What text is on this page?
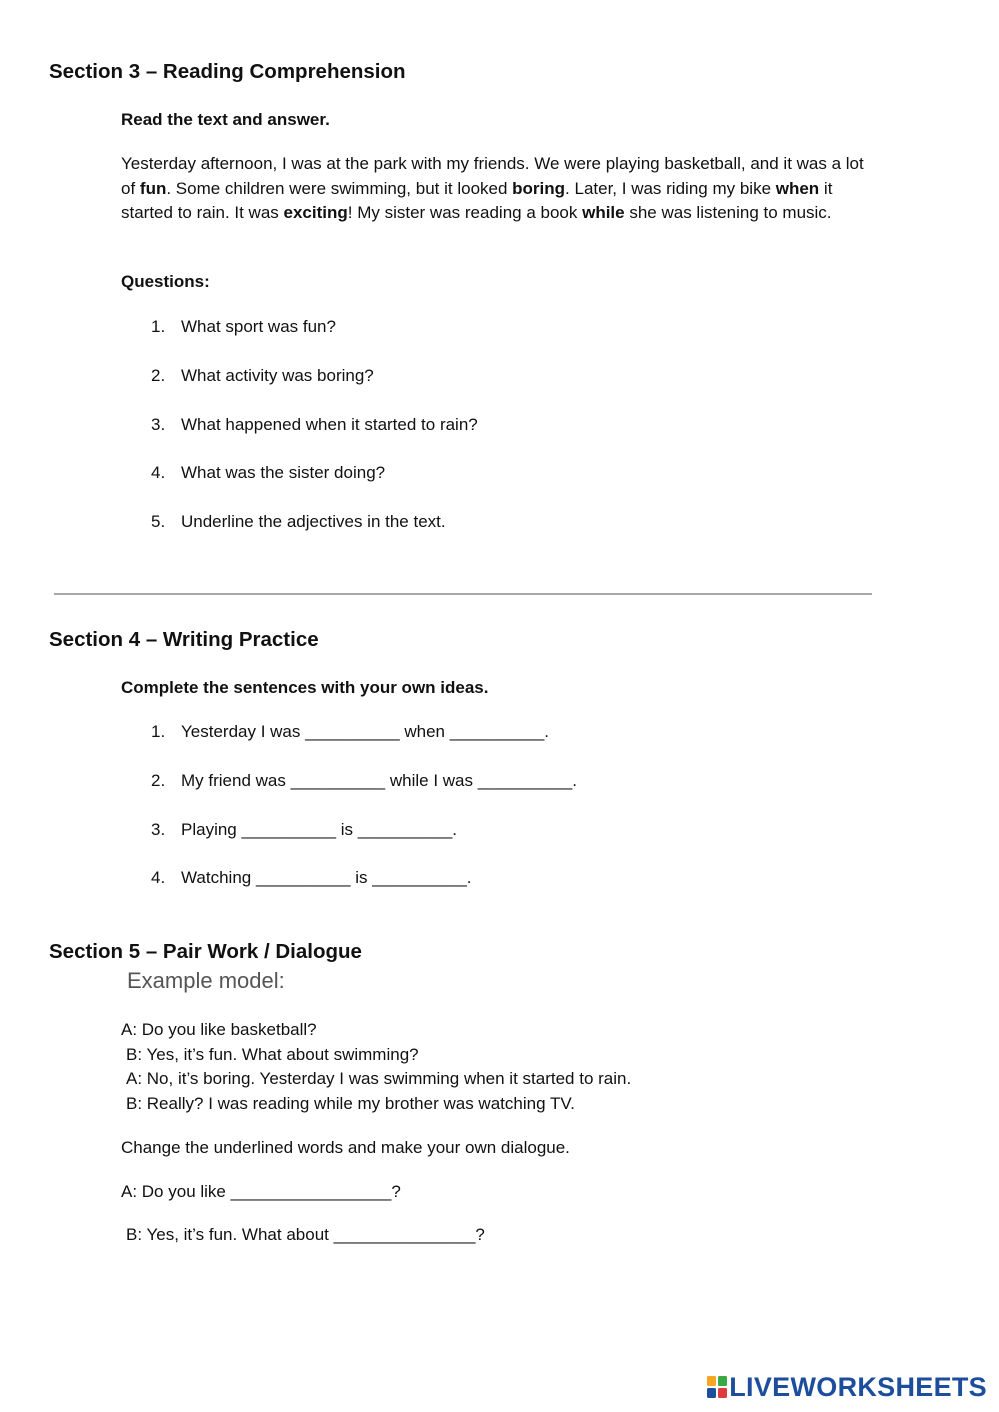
Section 3 – Reading Comprehension
Read the text and answer.
Yesterday afternoon, I was at the park with my friends. We were playing basketball, and it was a lot of fun. Some children were swimming, but it looked boring. Later, I was riding my bike when it started to rain. It was exciting! My sister was reading a book while she was listening to music.
Questions:
1. What sport was fun?
2. What activity was boring?
3. What happened when it started to rain?
4. What was the sister doing?
5. Underline the adjectives in the text.
Section 4 – Writing Practice
Complete the sentences with your own ideas.
1. Yesterday I was __________ when __________.
2. My friend was __________ while I was __________.
3. Playing __________ is __________.
4. Watching __________ is __________.
Section 5 – Pair Work / Dialogue
Example model:
A: Do you like basketball?
B: Yes, it’s fun. What about swimming?
A: No, it’s boring. Yesterday I was swimming when it started to rain.
B: Really? I was reading while my brother was watching TV.
Change the underlined words and make your own dialogue.
A: Do you like _________________?
B: Yes, it’s fun. What about _______________?
LIVEWORKSHEETS
